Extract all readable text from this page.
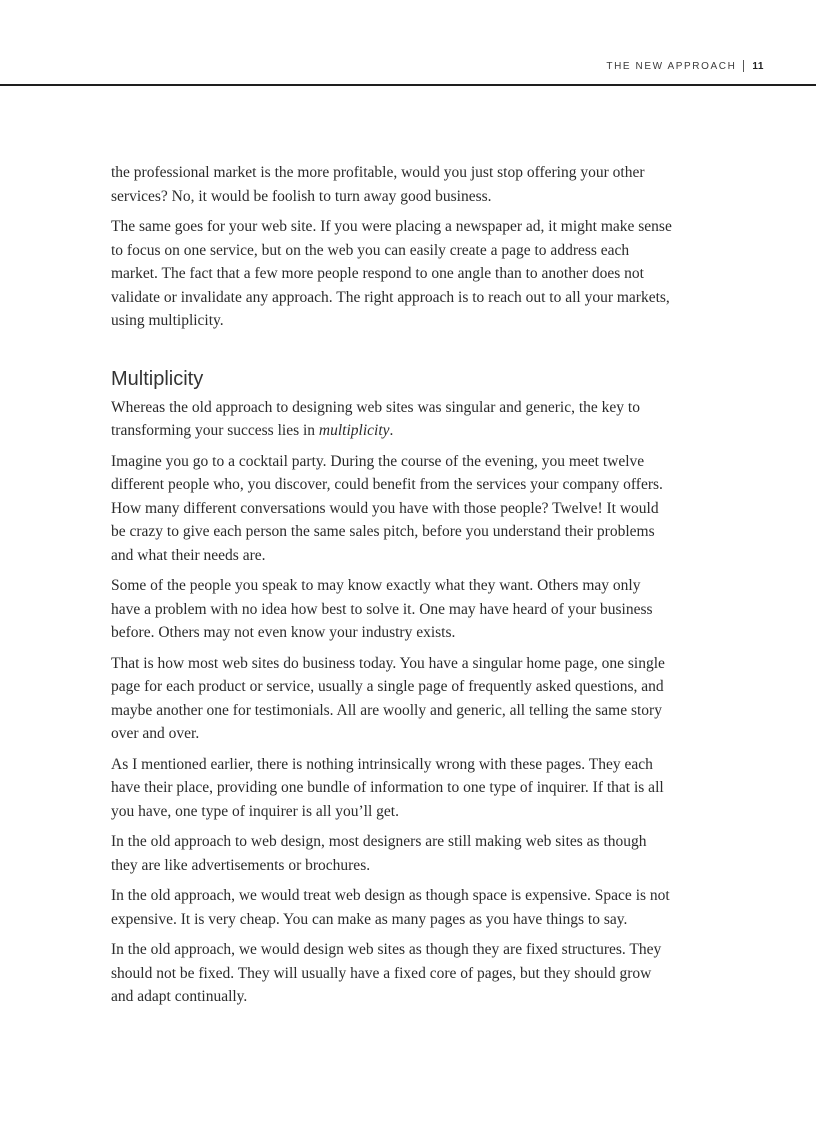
THE NEW APPROACH 11

the professional market is the more profitable, would you just stop offering your other services? No, it would be foolish to turn away good business.

The same goes for your web site. If you were placing a newspaper ad, it might make sense to focus on one service, but on the web you can easily create a page to address each market. The fact that a few more people respond to one angle than to another does not validate or invalidate any approach. The right approach is to reach out to all your markets, using multiplicity.

Multiplicity

Whereas the old approach to designing web sites was singular and generic, the key to transforming your success lies in multiplicity.

Imagine you go to a cocktail party. During the course of the evening, you meet twelve different people who, you discover, could benefit from the services your company offers. How many different conversations would you have with those people? Twelve! It would be crazy to give each person the same sales pitch, before you understand their problems and what their needs are.

Some of the people you speak to may know exactly what they want. Others may only have a problem with no idea how best to solve it. One may have heard of your business before. Others may not even know your industry exists.

That is how most web sites do business today. You have a singular home page, one single page for each product or service, usually a single page of frequently asked questions, and maybe another one for testimonials. All are woolly and generic, all telling the same story over and over.

As I mentioned earlier, there is nothing intrinsically wrong with these pages. They each have their place, providing one bundle of information to one type of inquirer. If that is all you have, one type of inquirer is all you’ll get.

In the old approach to web design, most designers are still making web sites as though they are like advertisements or brochures.

In the old approach, we would treat web design as though space is expensive. Space is not expensive. It is very cheap. You can make as many pages as you have things to say.

In the old approach, we would design web sites as though they are fixed structures. They should not be fixed. They will usually have a fixed core of pages, but they should grow and adapt continually.
